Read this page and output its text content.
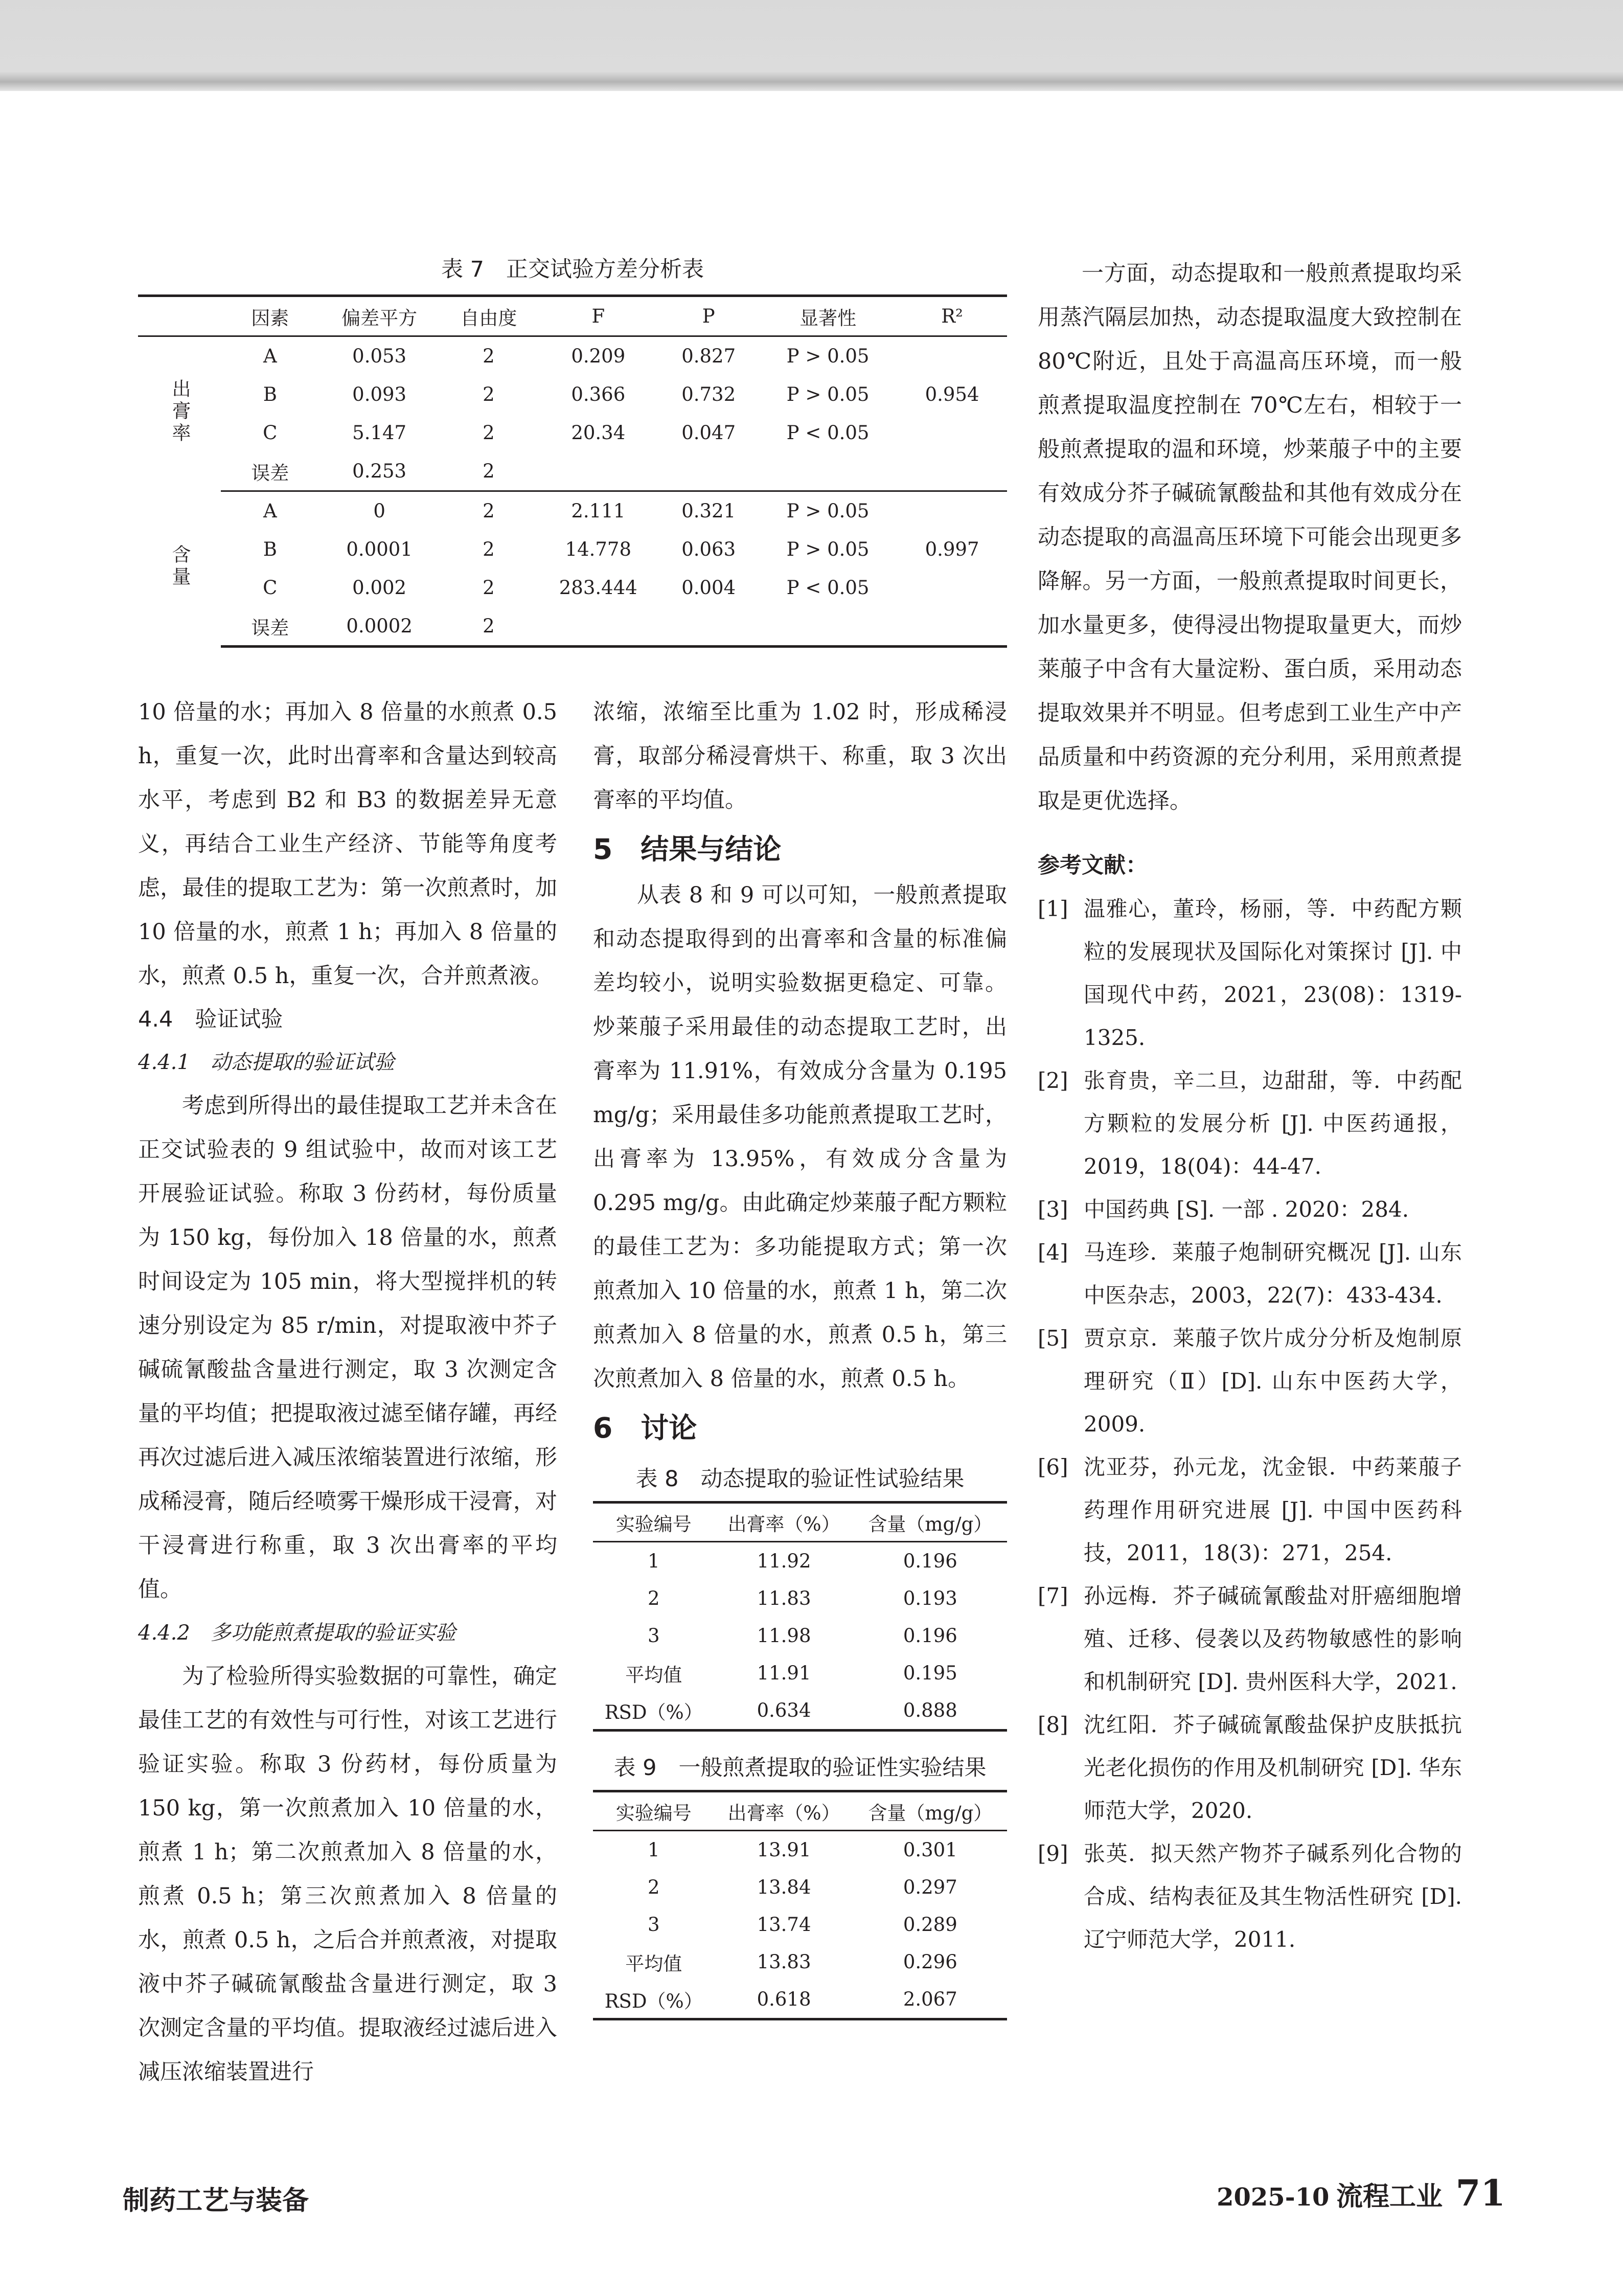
表 7　正交试验方差分析表
	因素	偏差平方	自由度	F	P	显著性	R²
出膏率	A	0.053	2	0.209	0.827	P > 0.05	0.954
	B	0.093	2	0.366	0.732	P > 0.05	
	C	5.147	2	20.34	0.047	P < 0.05	
	误差	0.253	2				
含量	A	0	2	2.111	0.321	P > 0.05	0.997
	B	0.0001	2	14.778	0.063	P > 0.05	
	C	0.002	2	283.444	0.004	P < 0.05	
	误差	0.0002	2				

10 倍量的水；再加入 8 倍量的水煎煮 0.5 h，重复一次，此时出膏率和含量达到较高水平，考虑到 B2 和 B3 的数据差异无意义，再结合工业生产经济、节能等角度考虑，最佳的提取工艺为：第一次煎煮时，加 10 倍量的水，煎煮 1 h；再加入 8 倍量的水，煎煮 0.5 h，重复一次，合并煎煮液。

4.4　验证试验

4.4.1　动态提取的验证试验

考虑到所得出的最佳提取工艺并未含在正交试验表的 9 组试验中，故而对该工艺开展验证试验。称取 3 份药材，每份质量为 150 kg，每份加入 18 倍量的水，煎煮时间设定为 105 min，将大型搅拌机的转速分别设定为 85 r/min，对提取液中芥子碱硫氰酸盐含量进行测定，取 3 次测定含量的平均值；把提取液过滤至储存罐，再经再次过滤后进入减压浓缩装置进行浓缩，形成稀浸膏，随后经喷雾干燥形成干浸膏，对干浸膏进行称重，取 3 次出膏率的平均值。

4.4.2　多功能煎煮提取的验证实验

为了检验所得实验数据的可靠性，确定最佳工艺的有效性与可行性，对该工艺进行验证实验。称取 3 份药材，每份质量为 150 kg，第一次煎煮加入 10 倍量的水，煎煮 1 h；第二次煎煮加入 8 倍量的水，煎煮 0.5 h；第三次煎煮加入 8 倍量的水，煎煮 0.5 h，之后合并煎煮液，对提取液中芥子碱硫氰酸盐含量进行测定，取 3 次测定含量的平均值。提取液经过滤后进入减压浓缩装置进行

浓缩，浓缩至比重为 1.02 时，形成稀浸膏，取部分稀浸膏烘干、称重，取 3 次出膏率的平均值。

5　结果与结论

从表 8 和 9 可以可知，一般煎煮提取和动态提取得到的出膏率和含量的标准偏差均较小，说明实验数据更稳定、可靠。炒莱菔子采用最佳的动态提取工艺时，出膏率为 11.91%，有效成分含量为 0.195 mg/g；采用最佳多功能煎煮提取工艺时，出膏率为 13.95%，有效成分含量为 0.295 mg/g。由此确定炒莱菔子配方颗粒的最佳工艺为：多功能提取方式；第一次煎煮加入 10 倍量的水，煎煮 1 h，第二次煎煮加入 8 倍量的水，煎煮 0.5 h，第三次煎煮加入 8 倍量的水，煎煮 0.5 h。

6　讨论

表 8　动态提取的验证性试验结果
实验编号	出膏率（%）	含量（mg/g）
1	11.92	0.196
2	11.83	0.193
3	11.98	0.196
平均值	11.91	0.195
RSD（%）	0.634	0.888
表 9　一般煎煮提取的验证性实验结果
实验编号	出膏率（%）	含量（mg/g）
1	13.91	0.301
2	13.84	0.297
3	13.74	0.289
平均值	13.83	0.296
RSD（%）	0.618	2.067

一方面，动态提取和一般煎煮提取均采用蒸汽隔层加热，动态提取温度大致控制在 80℃附近，且处于高温高压环境，而一般煎煮提取温度控制在 70℃左右，相较于一般煎煮提取的温和环境，炒莱菔子中的主要有效成分芥子碱硫氰酸盐和其他有效成分在动态提取的高温高压环境下可能会出现更多降解。另一方面，一般煎煮提取时间更长，加水量更多，使得浸出物提取量更大，而炒莱菔子中含有大量淀粉、蛋白质，采用动态提取效果并不明显。但考虑到工业生产中产品质量和中药资源的充分利用，采用煎煮提取是更优选择。

参考文献：

[1] 温雅心，董玲，杨丽，等．中药配方颗粒的发展现状及国际化对策探讨 [J]. 中国现代中药，2021，23(08)：1319-1325.
[2] 张育贵，辛二旦，边甜甜，等．中药配方颗粒的发展分析 [J]. 中医药通报，2019，18(04)：44-47.
[3] 中国药典 [S]. 一部 . 2020：284.
[4] 马连珍．莱菔子炮制研究概况 [J]. 山东中医杂志，2003，22(7)：433-434.
[5] 贾京京．莱菔子饮片成分分析及炮制原理研究（Ⅱ）[D]. 山东中医药大学，2009.
[6] 沈亚芬，孙元龙，沈金银．中药莱菔子药理作用研究进展 [J]. 中国中医药科技，2011，18(3)：271，254.
[7] 孙远梅．芥子碱硫氰酸盐对肝癌细胞增殖、迁移、侵袭以及药物敏感性的影响和机制研究 [D]. 贵州医科大学，2021.
[8] 沈红阳．芥子碱硫氰酸盐保护皮肤抵抗光老化损伤的作用及机制研究 [D]. 华东师范大学，2020.
[9] 张英．拟天然产物芥子碱系列化合物的合成、结构表征及其生物活性研究 [D]. 辽宁师范大学，2011.
制药工艺与装备	2025-10 流程工业 71
